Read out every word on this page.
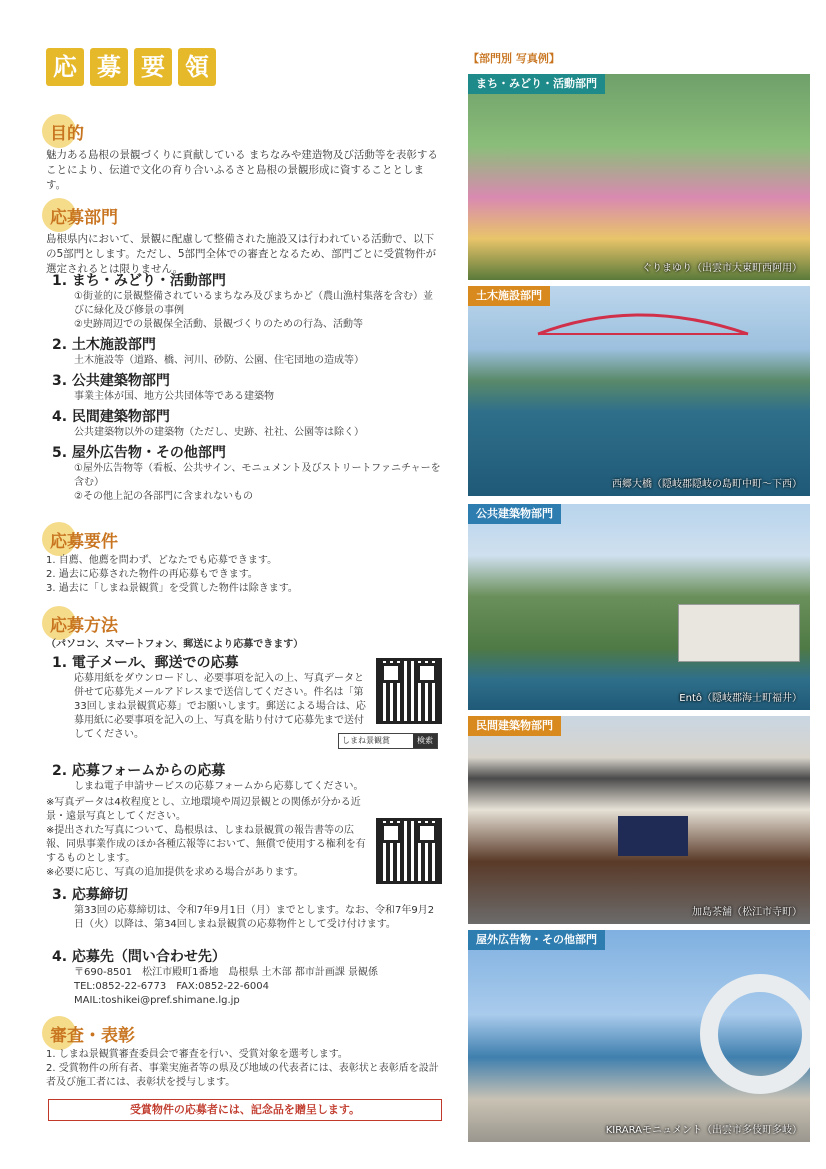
応 募 要 領
目的

魅力ある島根の景観づくりに貢献している まちなみや建造物及び活動等を表彰することにより、伝道で文化の育り合いふるさと島根の景観形成に資することとします。

応募部門

島根県内において、景観に配慮して整備された施設又は行われている活動で、以下の5部門とします。ただし、5部門全体での審査となるため、部門ごとに受賞物件が選定されるとは限りません。

1. まち・みどり・活動部門
①街並的に景観整備されているまちなみ及びまちかど（農山漁村集落を含む）並びに緑化及び修景の事例
②史跡周辺での景観保全活動、景観づくりのための行為、活動等
2. 土木施設部門
土木施設等（道路、橋、河川、砂防、公園、住宅団地の造成等）
3. 公共建築物部門
事業主体が国、地方公共団体等である建築物
4. 民間建築物部門
公共建築物以外の建築物（ただし、史跡、社社、公園等は除く）
5. 屋外広告物・その他部門
①屋外広告物等（看板、公共サイン、モニュメント及びストリートファニチャーを含む）
②その他上記の各部門に含まれないもの
応募要件
1. 自薦、他薦を問わず、どなたでも応募できます。
2. 過去に応募された物件の再応募もできます。
3. 過去に「しまね景観賞」を受賞した物件は除きます。
応募方法
（パソコン、スマートフォン、郵送により応募できます）
1. 電子メール、郵送での応募
応募用紙をダウンロードし、必要事項を記入の上、写真データと併せて応募先メールアドレスまで送信してください。件名は「第33回しまね景観賞応募」でお願いします。郵送による場合は、応募用紙に必要事項を記入の上、写真を貼り付けて応募先まで送付してください。
しまね景観賞	検索
2. 応募フォームからの応募
しまね電子申請サービスの応募フォームから応募してください。
※写真データは4枚程度とし、立地環境や周辺景観との関係が分かる近景・遠景写真としてください。
※提出された写真について、島根県は、しまね景観賞の報告書等の広報、同県事業作成のほか各種広報等において、無償で使用する権利を有するものとします。
※必要に応じ、写真の追加提供を求める場合があります。
3. 応募締切
第33回の応募締切は、令和7年9月1日（月）までとします。なお、令和7年9月2日（火）以降は、第34回しまね景観賞の応募物件として受け付けます。
4. 応募先（問い合わせ先）
〒690-8501　松江市殿町1番地　島根県 土木部 都市計画課 景観係
TEL:0852-22-6773　FAX:0852-22-6004
MAIL:toshikei@pref.shimane.lg.jp
審査・表彰
1. しまね景観賞審査委員会で審査を行い、受賞対象を選考します。
2. 受賞物件の所有者、事業実施者等の県及び地域の代表者には、表彰状と表彰盾を設計者及び施工者には、表彰状を授与します。
受賞物件の応募者には、記念品を贈呈します。
【部門別 写真例】
まち・みどり・活動部門
ぐりまゆり（出雲市大東町西阿用）
土木施設部門
西郷大橋（隠岐郡隠岐の島町中町〜下西）
公共建築物部門
Entô（隠岐郡海士町福井）
民間建築物部門
加島茶舗（松江市寺町）
屋外広告物・その他部門
KIRARAモニュメント（出雲市多伎町多岐）
